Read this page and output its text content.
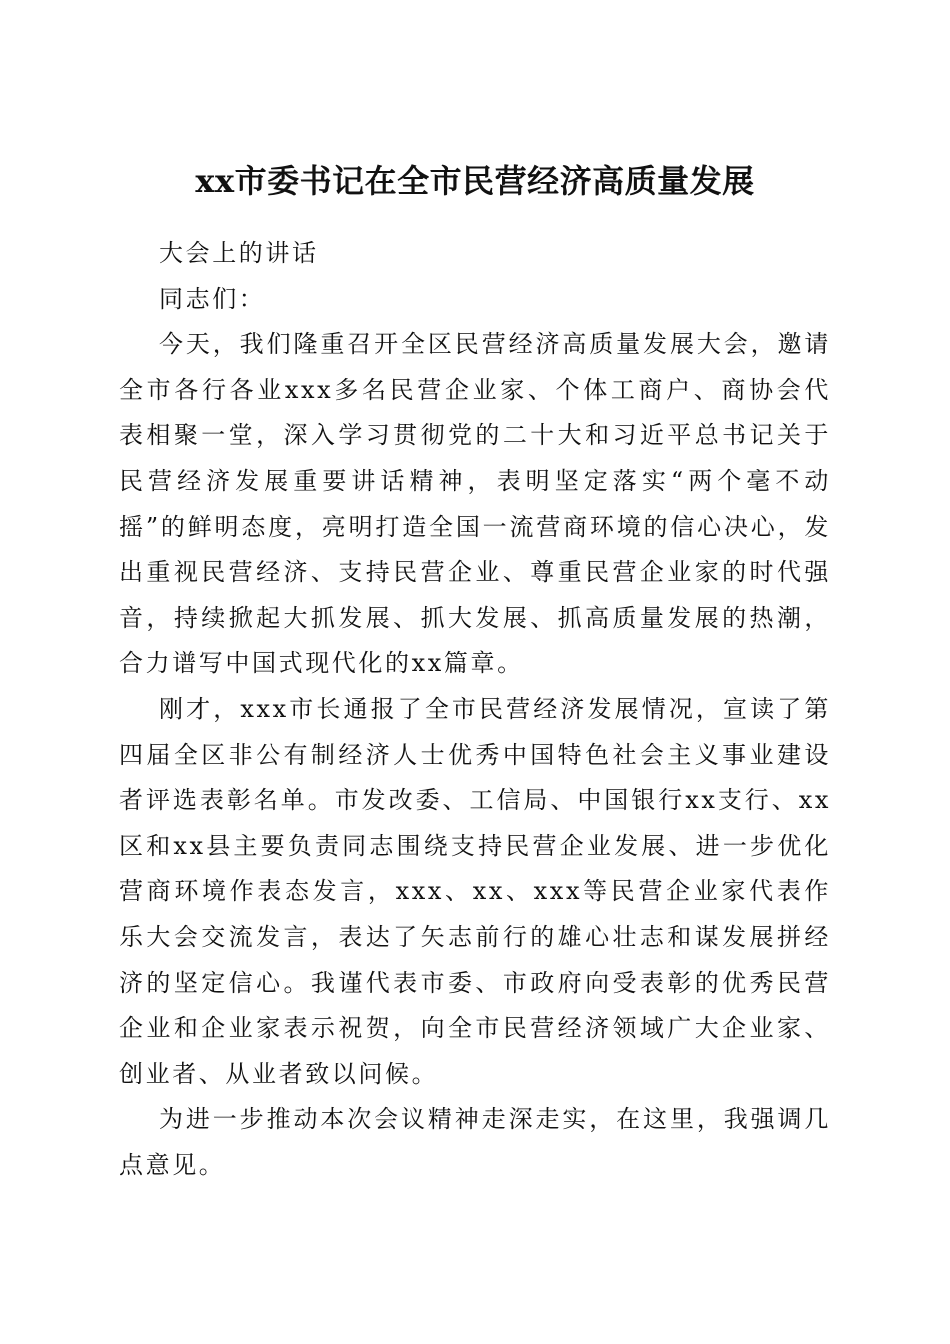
xx市委书记在全市民营经济高质量发展

大会上的讲话

同志们：

今天，我们隆重召开全区民营经济高质量发展大会，邀请全市各行各业xxx多名民营企业家、个体工商户、商协会代表相聚一堂，深入学习贯彻党的二十大和习近平总书记关于民营经济发展重要讲话精神，表明坚定落实“两个毫不动摇”的鲜明态度，亮明打造全国一流营商环境的信心决心，发出重视民营经济、支持民营企业、尊重民营企业家的时代强音，持续掀起大抓发展、抓大发展、抓高质量发展的热潮，合力谱写中国式现代化的xx篇章。

刚才，xxx市长通报了全市民营经济发展情况，宣读了第四届全区非公有制经济人士优秀中国特色社会主义事业建设者评选表彰名单。市发改委、工信局、中国银行xx支行、xx区和xx县主要负责同志围绕支持民营企业发展、进一步优化营商环境作表态发言，xxx、xx、xxx等民营企业家代表作乐大会交流发言，表达了矢志前行的雄心壮志和谋发展拼经济的坚定信心。我谨代表市委、市政府向受表彰的优秀民营企业和企业家表示祝贺，向全市民营经济领域广大企业家、创业者、从业者致以问候。

为进一步推动本次会议精神走深走实，在这里，我强调几点意见。
